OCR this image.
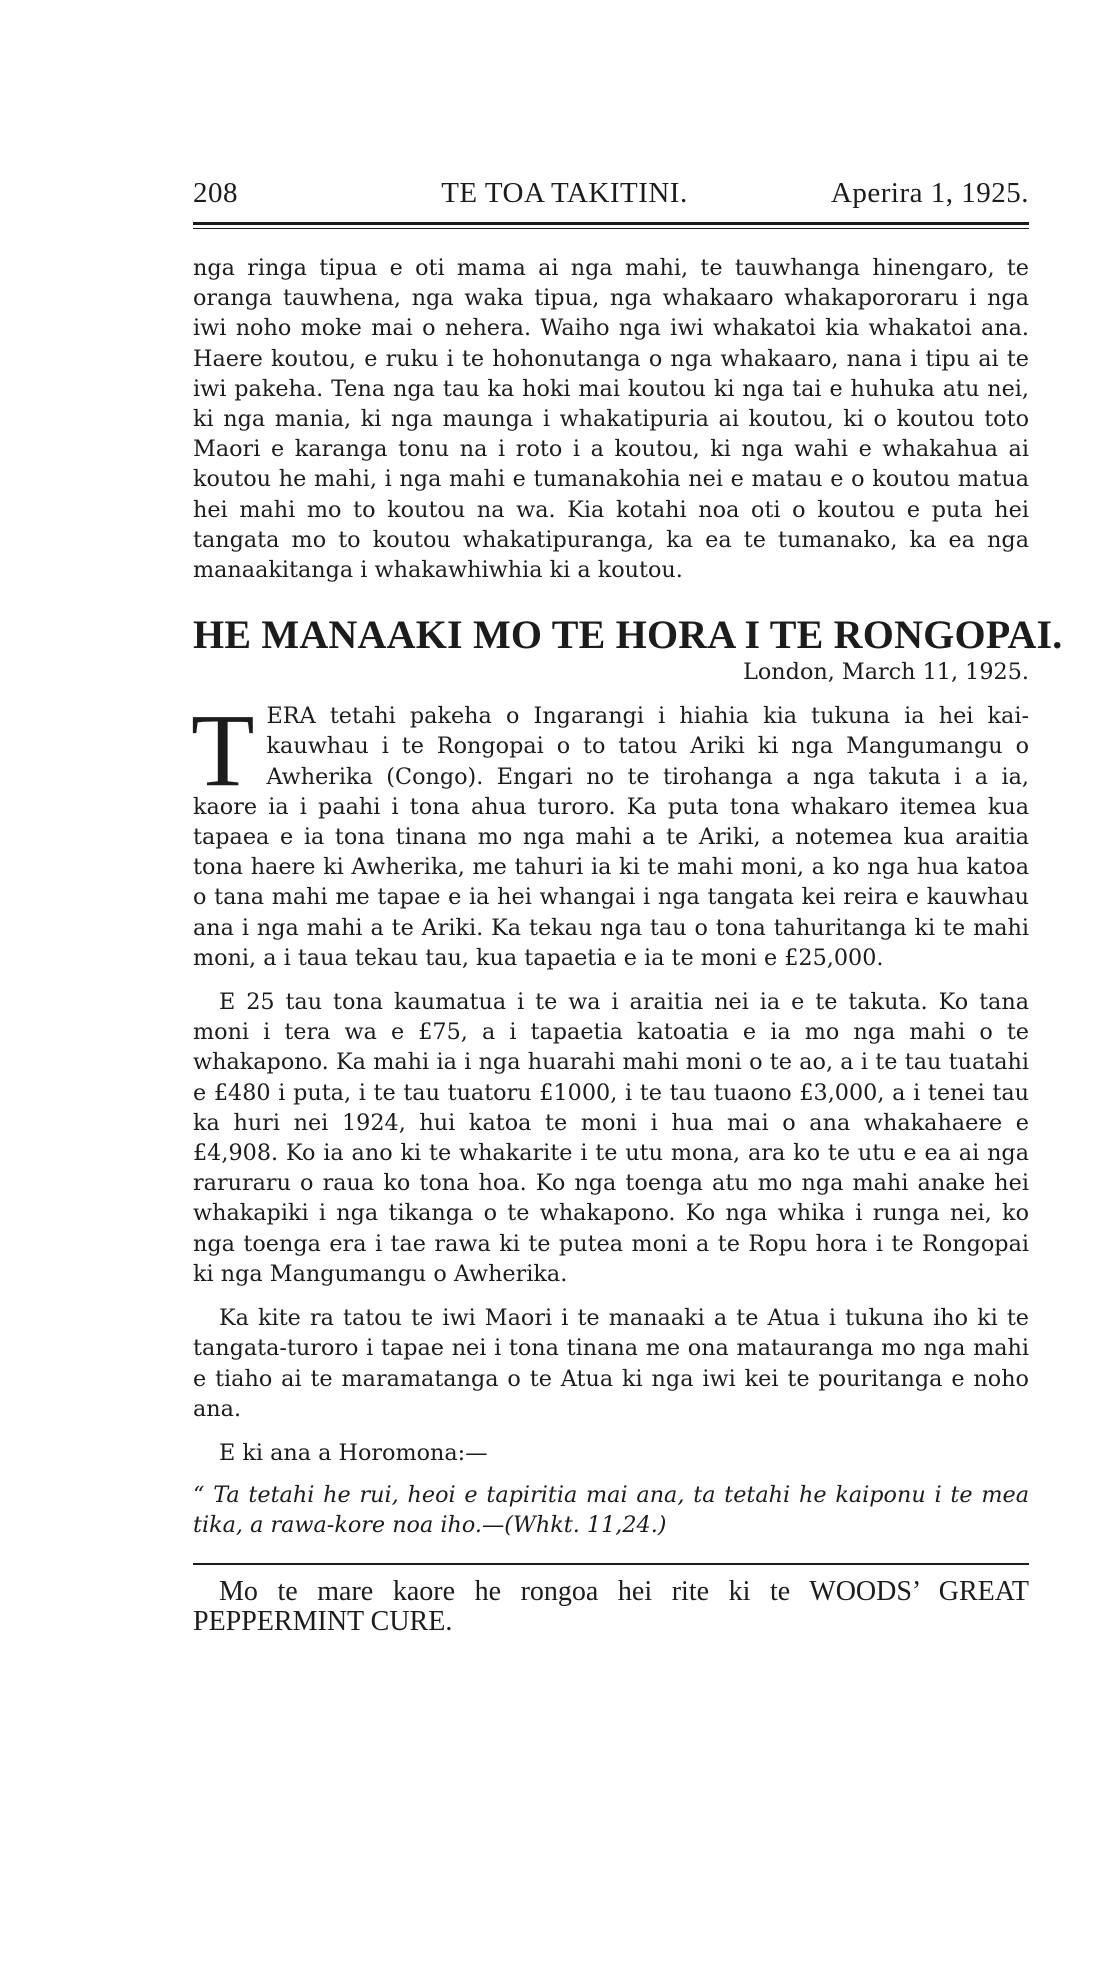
208	TE TOA TAKITINI.	Aperira 1, 1925.

nga ringa tipua e oti mama ai nga mahi, te tauwhanga hinengaro, te oranga tauwhena, nga waka tipua, nga whakaaro whakapororaru i nga iwi noho moke mai o nehera. Waiho nga iwi whakatoi kia whakatoi ana. Haere koutou, e ruku i te hohonutanga o nga whakaaro, nana i tipu ai te iwi pakeha. Tena nga tau ka hoki mai koutou ki nga tai e huhuka atu nei, ki nga mania, ki nga maunga i whakatipuria ai koutou, ki o koutou toto Maori e karanga tonu na i roto i a koutou, ki nga wahi e whakahua ai koutou he mahi, i nga mahi e tumanakohia nei e matau e o koutou matua hei mahi mo to koutou na wa. Kia kotahi noa oti o koutou e puta hei tangata mo to koutou whakatipuranga, ka ea te tumanako, ka ea nga manaakitanga i whakawhiwhia ki a koutou.

HE MANAAKI MO TE HORA I TE RONGOPAI.

London, March 11, 1925.

T ERA tetahi pakeha o Ingarangi i hiahia kia tukuna ia hei kai-kauwhau i te Rongopai o to tatou Ariki ki nga Mangumangu o Awherika (Congo). Engari no te tirohanga a nga takuta i a ia, kaore ia i paahi i tona ahua turoro. Ka puta tona whakaro itemea kua tapaea e ia tona tinana mo nga mahi a te Ariki, a notemea kua araitia tona haere ki Awherika, me tahuri ia ki te mahi moni, a ko nga hua katoa o tana mahi me tapae e ia hei whangai i nga tangata kei reira e kauwhau ana i nga mahi a te Ariki. Ka tekau nga tau o tona tahuritanga ki te mahi moni, a i taua tekau tau, kua tapaetia e ia te moni e £25,000.

E 25 tau tona kaumatua i te wa i araitia nei ia e te takuta. Ko tana moni i tera wa e £75, a i tapaetia katoatia e ia mo nga mahi o te whakapono. Ka mahi ia i nga huarahi mahi moni o te ao, a i te tau tuatahi e £480 i puta, i te tau tuatoru £1000, i te tau tuaono £3,000, a i tenei tau ka huri nei 1924, hui katoa te moni i hua mai o ana whakahaere e £4,908. Ko ia ano ki te whakarite i te utu mona, ara ko te utu e ea ai nga raruraru o raua ko tona hoa. Ko nga toenga atu mo nga mahi anake hei whakapiki i nga tikanga o te whakapono. Ko nga whika i runga nei, ko nga toenga era i tae rawa ki te putea moni a te Ropu hora i te Rongopai ki nga Mangumangu o Awherika.

Ka kite ra tatou te iwi Maori i te manaaki a te Atua i tukuna iho ki te tangata-turoro i tapae nei i tona tinana me ona matauranga mo nga mahi e tiaho ai te maramatanga o te Atua ki nga iwi kei te pouritanga e noho ana.

E ki ana a Horomona:—

“ Ta tetahi he rui, heoi e tapiritia mai ana, ta tetahi he kaiponu i te mea tika, a rawa-kore noa iho.—(Whkt. 11,24.)

Mo te mare kaore he rongoa hei rite ki te WOODS’ GREAT PEPPERMINT CURE.
